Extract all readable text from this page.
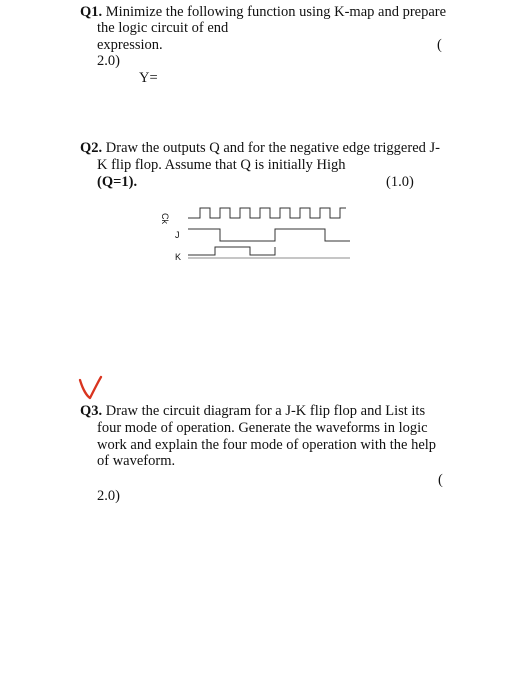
Q1. Minimize the following function using K-map and prepare
the logic circuit of end
expression.	(
2.0)
Y=
Q2. Draw the outputs Q and for the negative edge triggered J-
K flip flop. Assume that Q is initially High
(Q=1).	(1.0)
Ck
J
K
Q3. Draw the circuit diagram for a J-K flip flop and List its
four mode of operation. Generate the waveforms in logic
work and explain the four mode of operation with the help
of waveform.
(
2.0)
